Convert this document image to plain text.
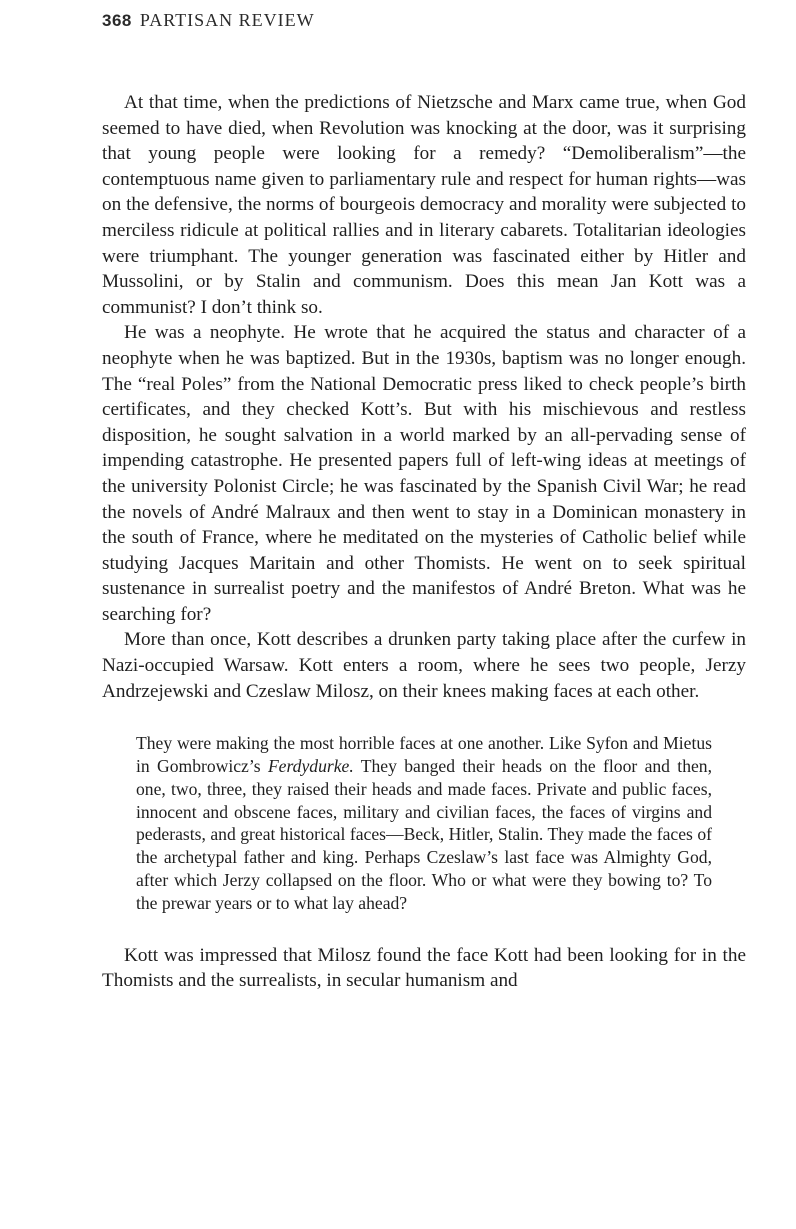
368 PARTISAN REVIEW

At that time, when the predictions of Nietzsche and Marx came true, when God seemed to have died, when Revolution was knocking at the door, was it surprising that young people were looking for a remedy? “Demoliberalism”—the contemptuous name given to parliamentary rule and respect for human rights—was on the defensive, the norms of bourgeois democracy and morality were subjected to merciless ridicule at political rallies and in literary cabarets. Totalitarian ideologies were triumphant. The younger generation was fascinated either by Hitler and Mussolini, or by Stalin and communism. Does this mean Jan Kott was a communist? I don’t think so.

He was a neophyte. He wrote that he acquired the status and character of a neophyte when he was baptized. But in the 1930s, baptism was no longer enough. The “real Poles” from the National Democratic press liked to check people’s birth certificates, and they checked Kott’s. But with his mischievous and restless disposition, he sought salvation in a world marked by an all-pervading sense of impending catastrophe. He presented papers full of left-wing ideas at meetings of the university Polonist Circle; he was fascinated by the Spanish Civil War; he read the novels of André Malraux and then went to stay in a Dominican monastery in the south of France, where he meditated on the mysteries of Catholic belief while studying Jacques Maritain and other Thomists. He went on to seek spiritual sustenance in surrealist poetry and the manifestos of André Breton. What was he searching for?

More than once, Kott describes a drunken party taking place after the curfew in Nazi-occupied Warsaw. Kott enters a room, where he sees two people, Jerzy Andrzejewski and Czeslaw Milosz, on their knees making faces at each other.

They were making the most horrible faces at one another. Like Syfon and Mietus in Gombrowicz’s Ferdydurke. They banged their heads on the floor and then, one, two, three, they raised their heads and made faces. Private and public faces, innocent and obscene faces, military and civilian faces, the faces of virgins and pederasts, and great historical faces—Beck, Hitler, Stalin. They made the faces of the archetypal father and king. Perhaps Czeslaw’s last face was Almighty God, after which Jerzy collapsed on the floor. Who or what were they bowing to? To the prewar years or to what lay ahead?

Kott was impressed that Milosz found the face Kott had been looking for in the Thomists and the surrealists, in secular humanism and
